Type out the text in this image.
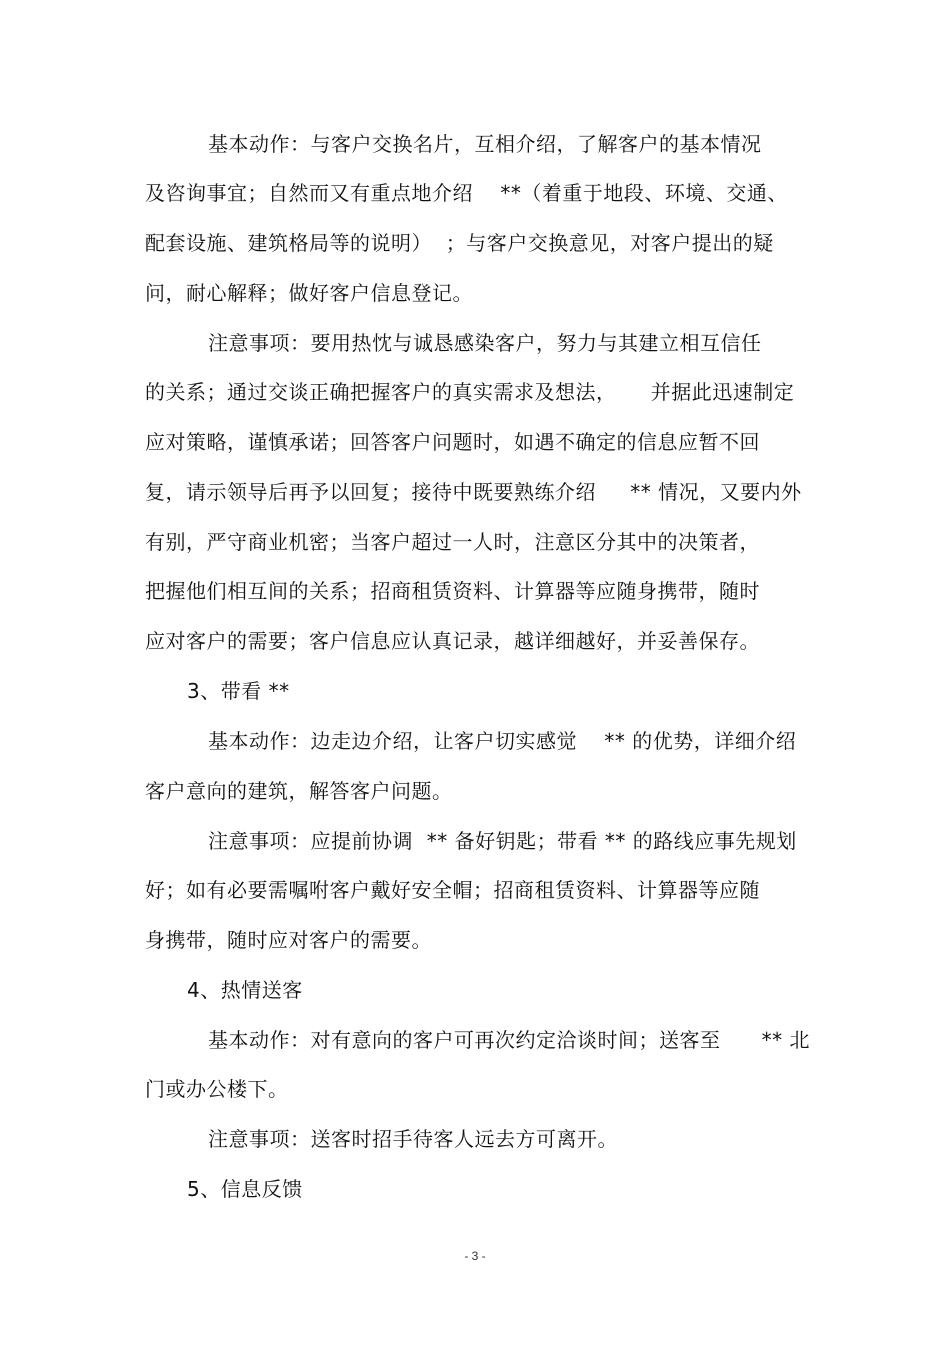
基本动作：与客户交换名片，互相介绍，了解客户的基本情况
及咨询事宜；自然而又有重点地介绍    **（着重于地段、环境、交通、
配套设施、建筑格局等的说明）  ；与客户交换意见，对客户提出的疑
问，耐心解释；做好客户信息登记。
注意事项：要用热忱与诚恳感染客户，努力与其建立相互信任
的关系；通过交谈正确把握客户的真实需求及想法，     并据此迅速制定
应对策略，谨慎承诺；回答客户问题时，如遇不确定的信息应暂不回
复，请示领导后再予以回复；接待中既要熟练介绍     ** 情况，又要内外
有别，严守商业机密；当客户超过一人时，注意区分其中的决策者，
把握他们相互间的关系；招商租赁资料、计算器等应随身携带，随时
应对客户的需要；客户信息应认真记录，越详细越好，并妥善保存。
3、带看 **
基本动作：边走边介绍，让客户切实感觉    ** 的优势，详细介绍
客户意向的建筑，解答客户问题。
注意事项：应提前协调  ** 备好钥匙；带看 ** 的路线应事先规划
好；如有必要需嘱咐客户戴好安全帽；招商租赁资料、计算器等应随
身携带，随时应对客户的需要。
4、热情送客
基本动作：对有意向的客户可再次约定洽谈时间；送客至      ** 北
门或办公楼下。
注意事项：送客时招手待客人远去方可离开。
5、信息反馈
- 3 -
